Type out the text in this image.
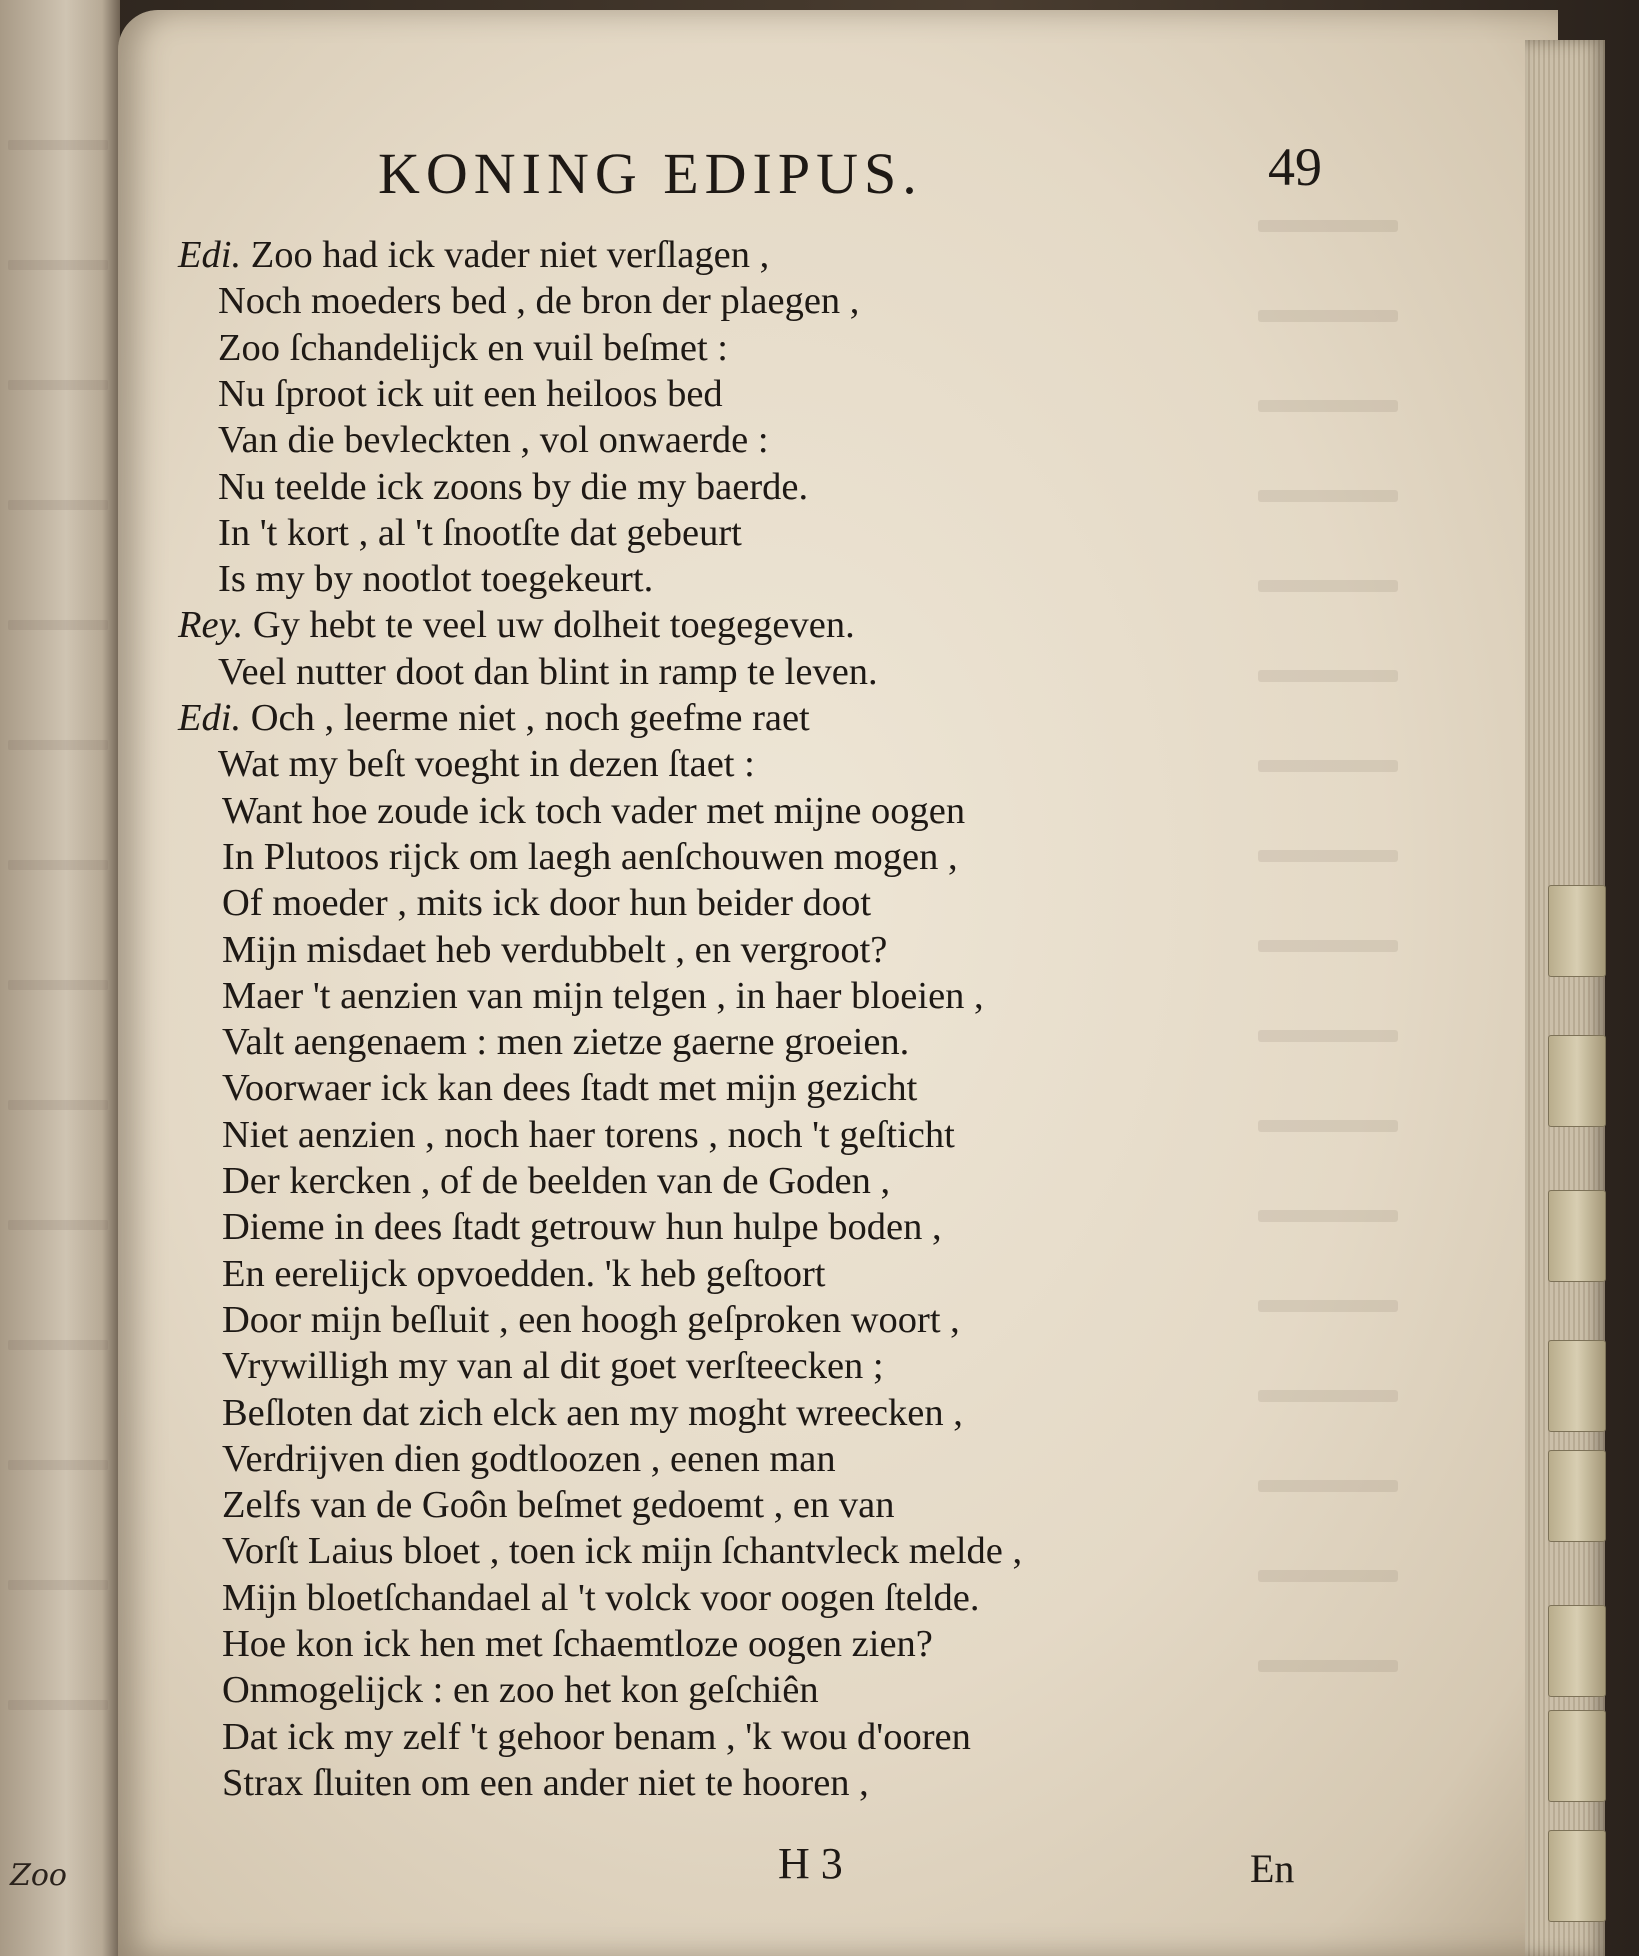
Zoo
KONING EDIPUS.	49
Edi. Zoo had ick vader niet verſlagen ,
Noch moeders bed , de bron der plaegen ,
Zoo ſchandelijck en vuil beſmet :
Nu ſproot ick uit een heiloos bed
Van die bevleckten , vol onwaerde :
Nu teelde ick zoons by die my baerde.
In 't kort , al 't ſnootſte dat gebeurt
Is my by nootlot toegekeurt.
Rey. Gy hebt te veel uw dolheit toegegeven.
Veel nutter doot dan blint in ramp te leven.
Edi. Och , leerme niet , noch geefme raet
Wat my beſt voeght in dezen ſtaet :
Want hoe zoude ick toch vader met mijne oogen
In Plutoos rijck om laegh aenſchouwen mogen ,
Of moeder , mits ick door hun beider doot
Mijn misdaet heb verdubbelt , en vergroot?
Maer 't aenzien van mijn telgen , in haer bloeien ,
Valt aengenaem : men zietze gaerne groeien.
Voorwaer ick kan dees ſtadt met mijn gezicht
Niet aenzien , noch haer torens , noch 't geſticht
Der kercken , of de beelden van de Goden ,
Dieme in dees ſtadt getrouw hun hulpe boden ,
En eerelijck opvoedden. 'k heb geſtoort
Door mijn beſluit , een hoogh geſproken woort ,
Vrywilligh my van al dit goet verſteecken ;
Beſloten dat zich elck aen my moght wreecken ,
Verdrijven dien godtloozen , eenen man
Zelfs van de Goôn beſmet gedoemt , en van
Vorſt Laius bloet , toen ick mijn ſchantvleck melde ,
Mijn bloetſchandael al 't volck voor oogen ſtelde.
Hoe kon ick hen met ſchaemtloze oogen zien?
Onmogelijck : en zoo het kon geſchiên
Dat ick my zelf 't gehoor benam , 'k wou d'ooren
Strax ſluiten om een ander niet te hooren ,
H 3	En
